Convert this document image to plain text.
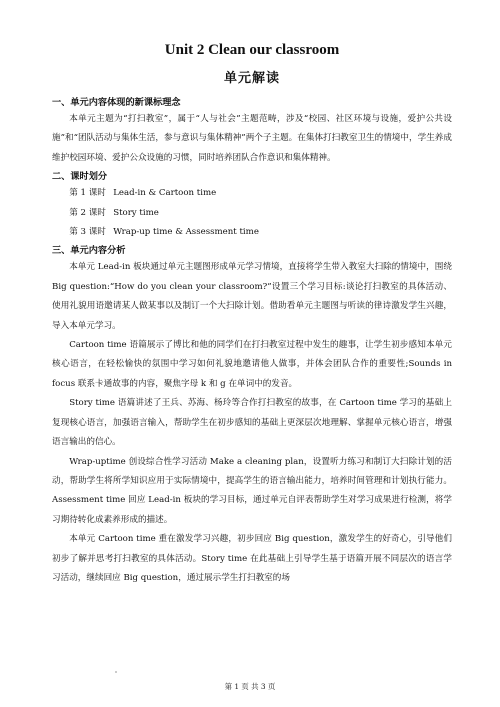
Unit 2 Clean our classroom
单元解读
一、单元内容体现的新课标理念

本单元主题为“打扫教室”，属于“人与社会”主题范畴，涉及“校园、社区环境与设施，爱护公共设施”和“团队活动与集体生活，参与意识与集体精神”两个子主题。在集体打扫教室卫生的情境中，学生养成维护校园环境、爱护公众设施的习惯，同时培养团队合作意识和集体精神。

二、课时划分
第 1 课时 Lead-in & Cartoon time
第 2 课时 Story time
第 3 课时 Wrap-up time & Assessment time
三、单元内容分析

本单元 Lead-in 板块通过单元主题图形成单元学习情境，直接将学生带入教室大扫除的情境中，围绕 Big question:“How do you clean your classroom?”设置三个学习目标:谈论打扫教室的具体活动、使用礼貌用语邀请某人做某事以及制订一个大扫除计划。借助看单元主题图与听读的律诗激发学生兴趣，导入本单元学习。

Cartoon time 语篇展示了博比和他的同学们在打扫教室过程中发生的趣事，让学生初步感知本单元核心语言，在轻松愉快的氛围中学习如何礼貌地邀请他人做事，并体会团队合作的重要性;Sounds in focus 联系卡通故事的内容，聚焦字母 k 和 g 在单词中的发音。

Story time 语篇讲述了王兵、苏海、杨玲等合作打扫教室的故事，在 Cartoon time 学习的基础上复现核心语言，加强语言输入，帮助学生在初步感知的基础上更深层次地理解、掌握单元核心语言，增强语言输出的信心。

Wrap-uptime 创设综合性学习活动 Make a cleaning plan，设置听力练习和制订大扫除计划的活动，帮助学生将所学知识应用于实际情境中，提高学生的语言输出能力，培养时间管理和计划执行能力。Assessment time 回应 Lead-in 板块的学习目标，通过单元自评表帮助学生对学习成果进行检测，将学习期待转化成素养形成的描述。

本单元 Cartoon time 重在激发学习兴趣，初步回应 Big question，激发学生的好奇心，引导他们初步了解并思考打扫教室的具体活动。Story time 在此基础上引导学生基于语篇开展不同层次的语言学习活动，继续回应 Big question，通过展示学生打扫教室的场

第 1 页 共 3 页
